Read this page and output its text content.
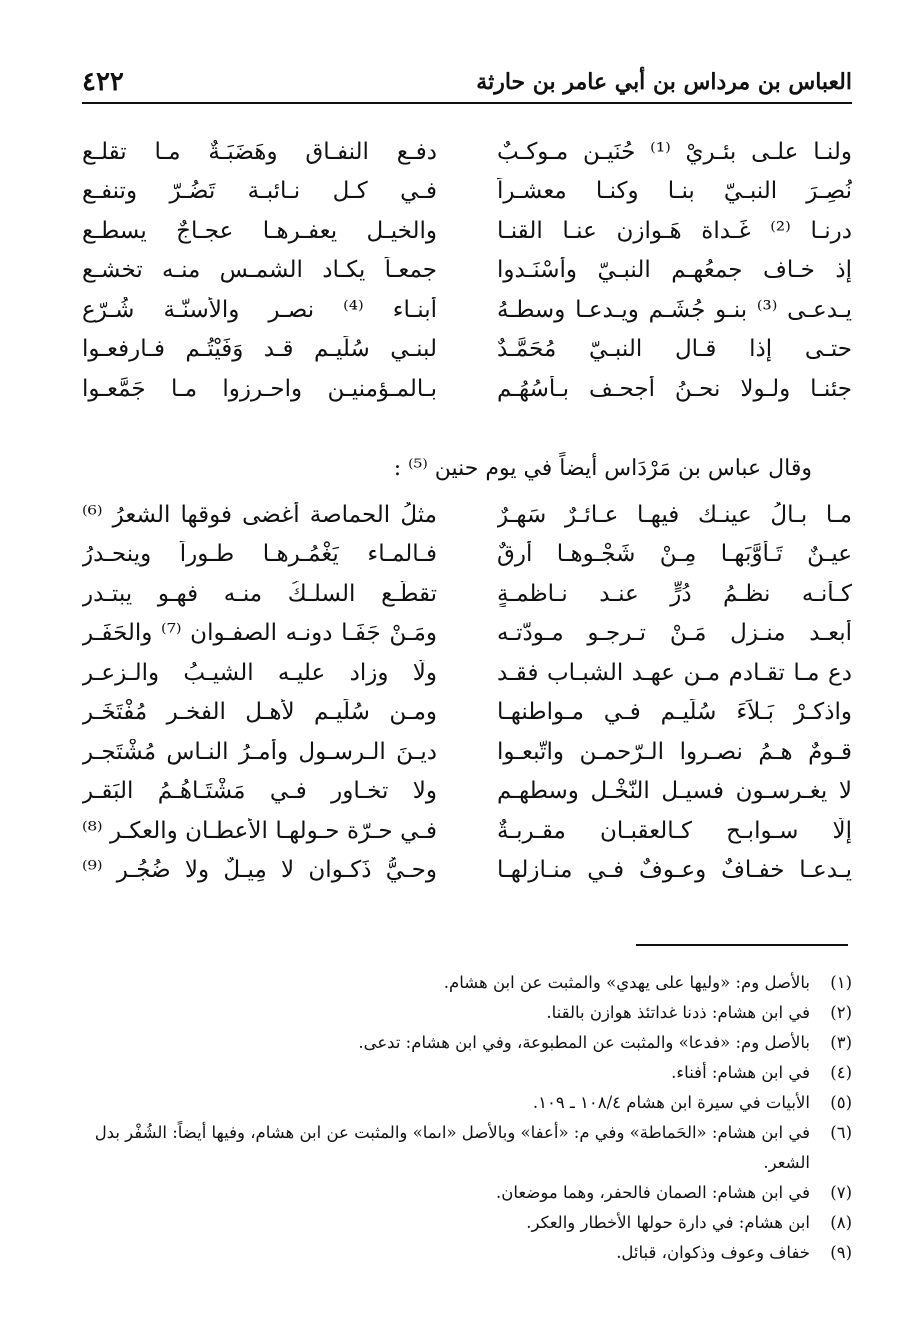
٤٢٢	العباس بن مرداس بن أبي عامر بن حارثة
ولنـا علـى بئـريْ ⁽¹⁾ حُنَيـن مـوكـبٌ
دفـع النفـاق وهَضَبَـةٌ مـا تقلـع
نُصِـرَ النبـيّ بنـا وكنـا معشـراً
فـي كـل نـائبـة تَضُـرّ وتنفـع
درنـا ⁽²⁾ غَـداة هَـوازن عنـا القنـا
والخيـل يعفـرهـا عجـاجٌ يسطـع
إذ خـاف جمعُهـم النبـيّ وأسْنَـدوا
جمعـاً يكـاد الشمـس منـه تخشـع
يـدعـى ⁽³⁾ بنـو جُشَـم ويـدعـا وسطـهُ
أبنـاء ⁽⁴⁾ نصـر والأسنّـة شُـرّع
حتـى إذا قـال النبـيّ مُحَمَّـدٌ
لبنـي سُلَيـم قـد وَفَيْتُـم فـارفعـوا
جئنـا ولـولا نحـنُ أجحـف بـأسُهُـم
بـالمـؤمنيـن واحـرزوا مـا جَمَّعـوا
وقال عباس بن مَرْدَاس أيضاً في يوم حنين ⁽⁵⁾ :
مـا بـالُ عينـك فيهـا عـائـرٌ سَهـرٌ
مثلُ الحماصة أغضى فوقها الشعرُ ⁽⁶⁾
عيـنٌ تَـأوَّبَهـا مِـنْ شَجْـوِهـا أرقٌ
فـالمـاء يَغْمُـرهـا طـوراً وينحـدرُ
كـأنـه نظـمُ دُرٍّ عنـد نـاظمـةٍ
تقطّـع السلـكُ منـه فهـو يبتـدر
أبعـد منـزل مَـنْ تـرجـو مـودّتـه
ومَـنْ جَفَـا دونـه الصفـوان ⁽⁷⁾ والحَفَـر
دع مـا تقـادم مـن عهـد الشبـاب فقـد
ولّا وزاد عليـه الشيـبُ والـزعـر
واذكـرْ بَـلاَءَ سُلَيـم فـي مـواطنهـا
ومـن سُلَيـم لأهـل الفخـر مُفْتَخَـر
قـومٌ هـمُ نصـروا الـرّحمـن واتّبعـوا
ديـنَ الـرسـول وأمـرُ النـاس مُشْتَجـر
لا يغـرسـون فسيـل النّخْـل وسطهـم
ولا تخـاور فـي مَشْتَـاهُـمُ البَقـر
إلّا سـوابـح كـالعقبـان مقـربـةٌ
فـي حـرّة حـولهـا الأعطـان والعكـر ⁽⁸⁾
يـدعـا خفـافٌ وعـوفٌ فـي منـازلهـا
وحـيُّ ذَكـوان لا مِيـلٌ ولا ضُجُـر ⁽⁹⁾
(١)
بالأصل وم: «وليها على يهدي» والمثبت عن ابن هشام.
(٢)
في ابن هشام: ذدنا غداتئذ هوازن بالقنا.
(٣)
بالأصل وم: «فدعا» والمثبت عن المطبوعة، وفي ابن هشام: تدعى.
(٤)
في ابن هشام: أفناء.
(٥)
الأبيات في سيرة ابن هشام ١٠٨/٤ ـ ١٠٩.
(٦)
في ابن هشام: «الحَماطة» وفي م: «أعفا» وبالأصل «اىما» والمثبت عن ابن هشام، وفيها أيضاً: الشُفْر بدل الشعر.
(٧)
في ابن هشام: الصمان فالحفر، وهما موضعان.
(٨)
ابن هشام: في دارة حولها الأخطار والعكر.
(٩)
خفاف وعوف وذكوان، قبائل.
